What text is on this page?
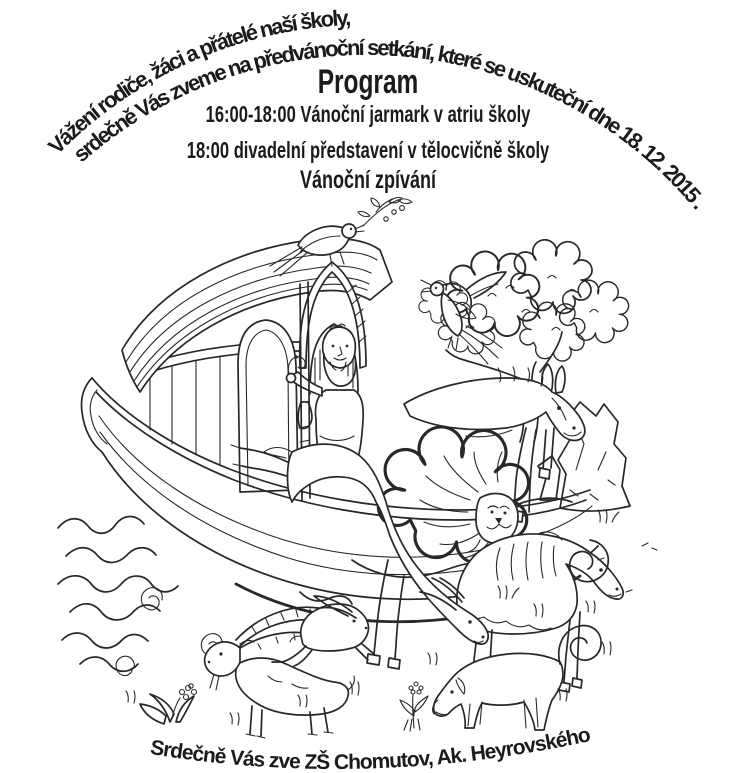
Vážení rodiče, žáci a přátelé naší školy,
srdečně Vás zveme na předvánoční setkání, které se uskuteční dne 18. 12. 2015 .
Program
16:00-18:00 Vánoční jarmark v atriu školy
18:00 divadelní představení v tělocvičně školy
Vánoční zpívání
Srdečně Vás zve ZŠ Chomutov, Ak. Heyrovského
